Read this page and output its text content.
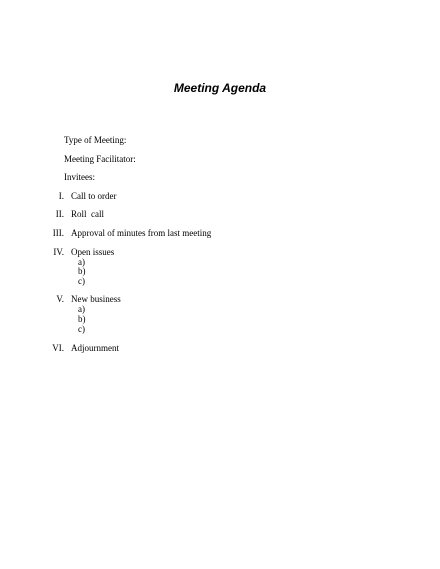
Meeting Agenda
Type of Meeting:
Meeting Facilitator:
Invitees:
I. Call to order
II. Roll  call
III. Approval of minutes from last meeting
IV. Open issues
a)
b)
c)
V. New business
a)
b)
c)
VI. Adjournment
